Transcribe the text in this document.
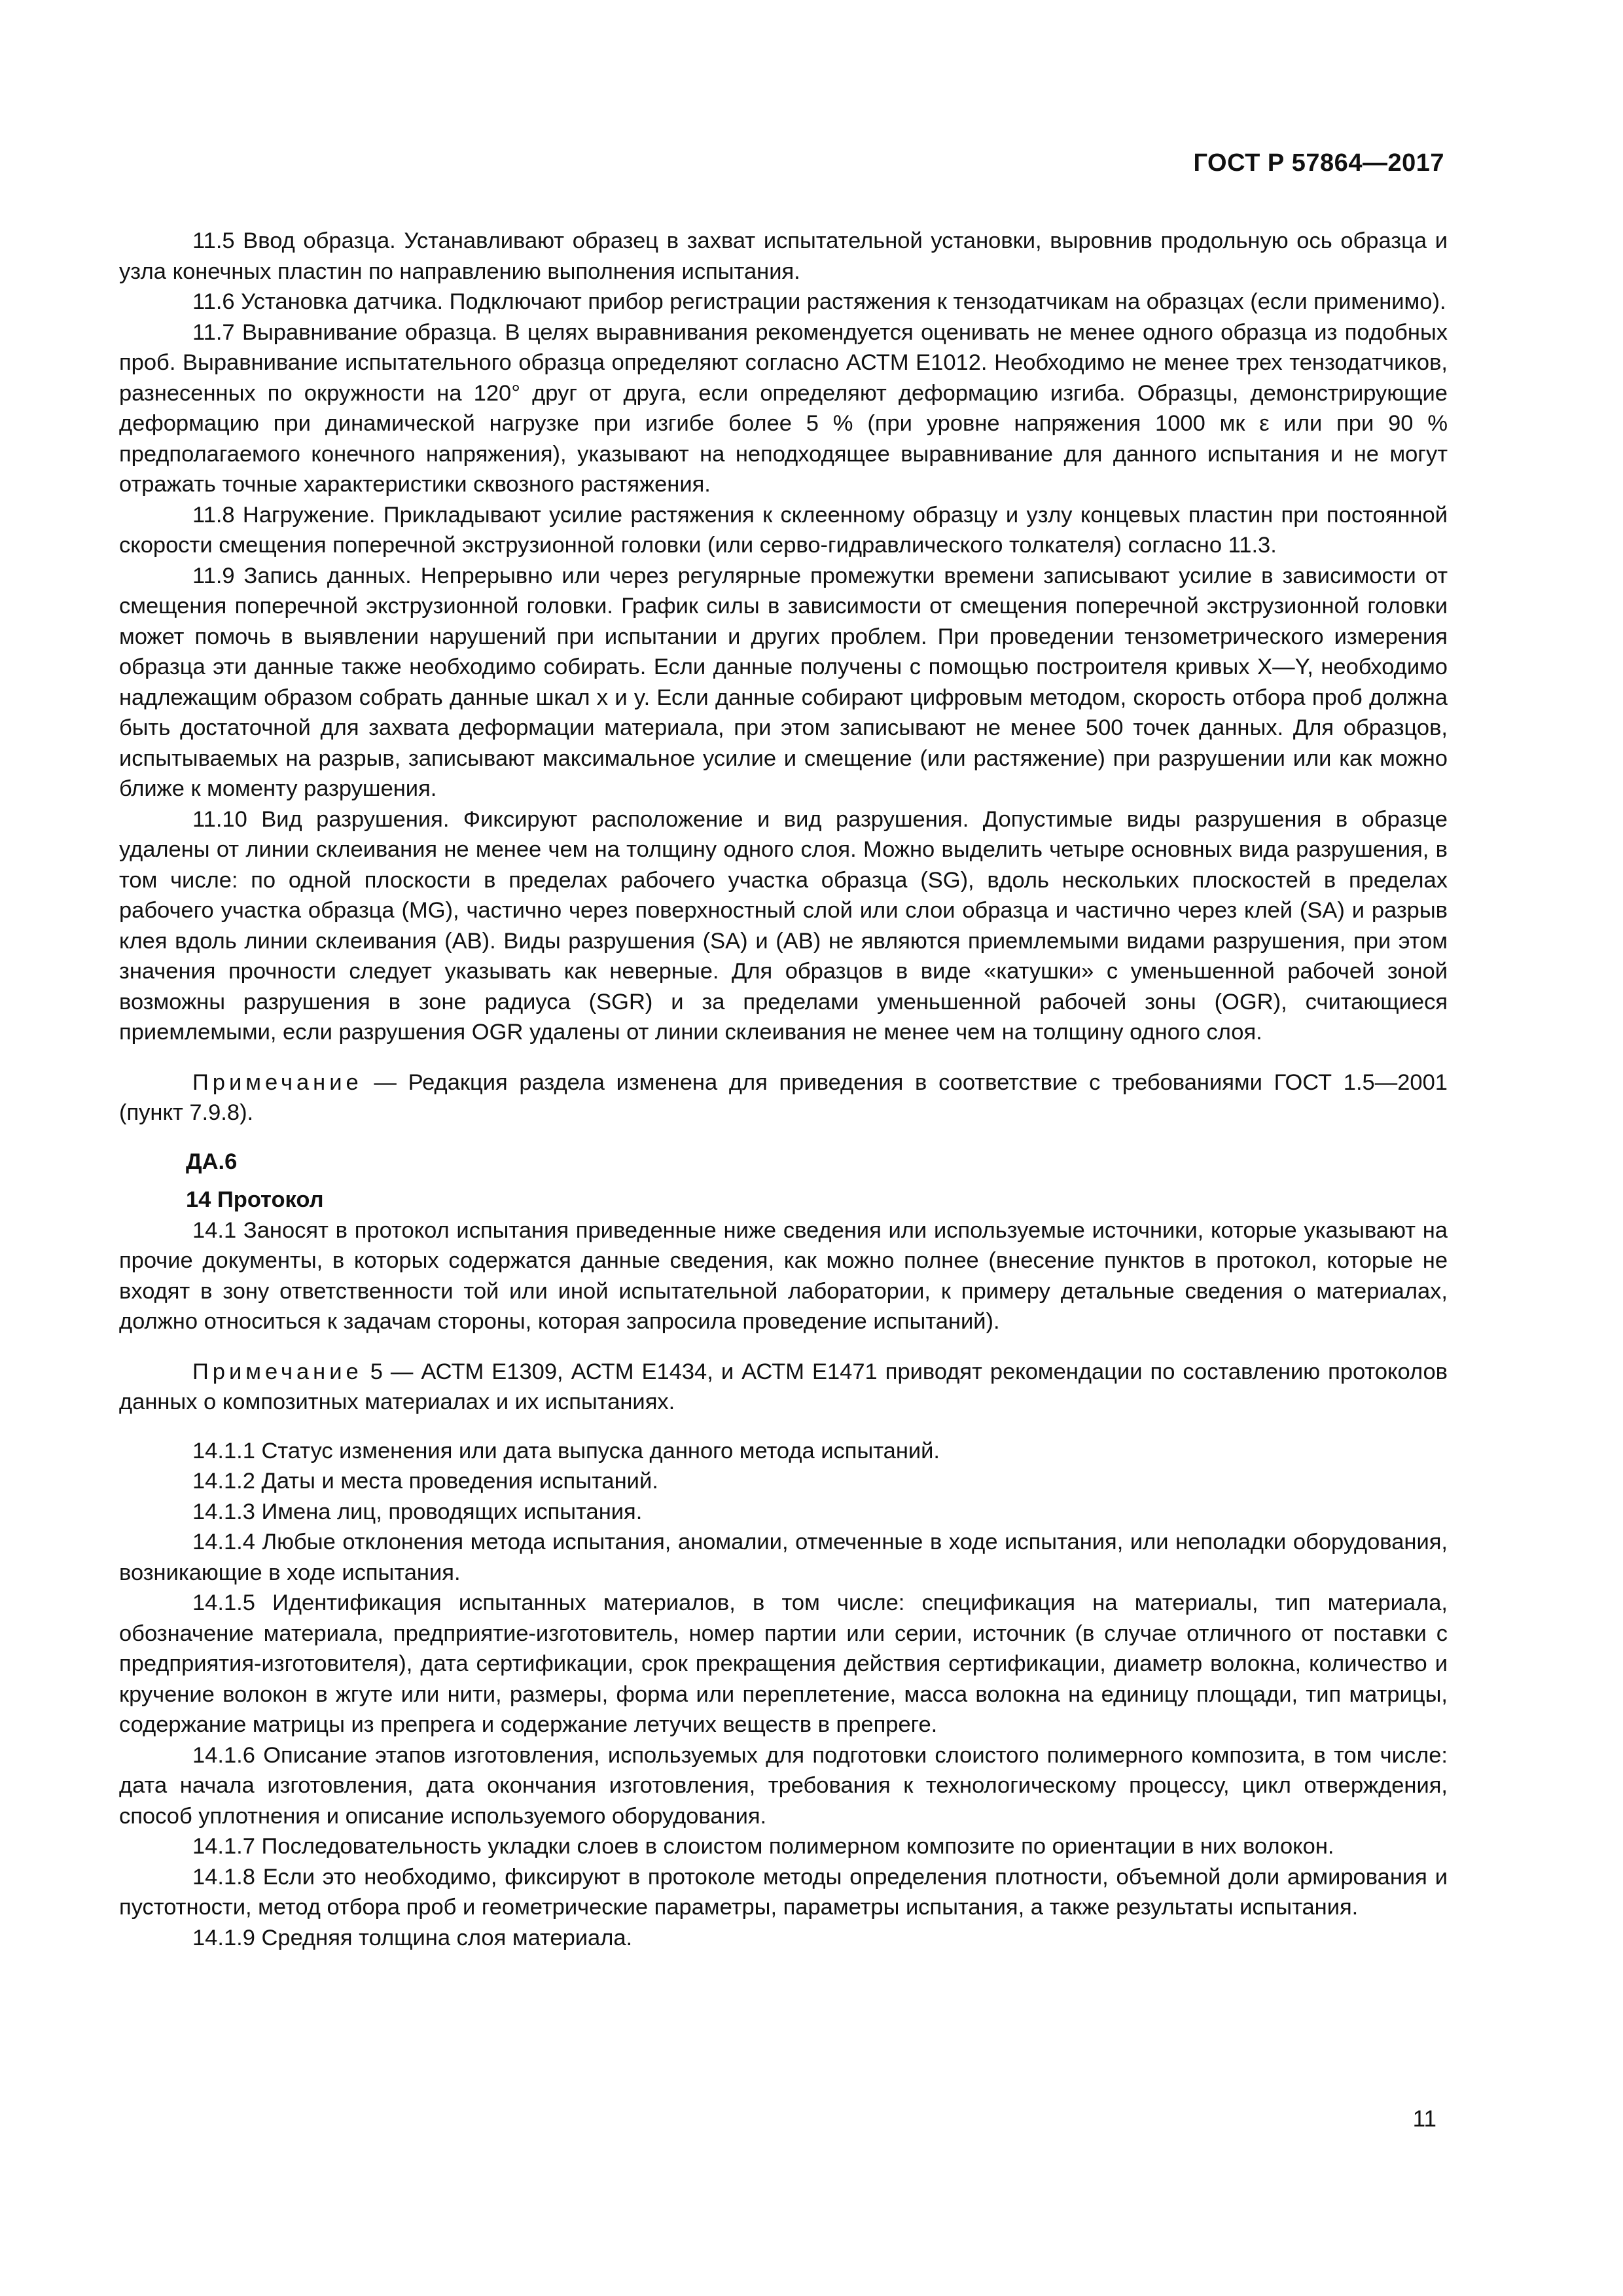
ГОСТ Р 57864—2017

11.5 Ввод образца. Устанавливают образец в захват испытательной установки, выровнив продольную ось образца и узла конечных пластин по направлению выполнения испытания.

11.6 Установка датчика. Подключают прибор регистрации растяжения к тензодатчикам на образцах (если применимо).

11.7 Выравнивание образца. В целях выравнивания рекомендуется оценивать не менее одного образца из подобных проб. Выравнивание испытательного образца определяют согласно АСТМ Е1012. Необходимо не менее трех тензодатчиков, разнесенных по окружности на 120° друг от друга, если определяют деформацию изгиба. Образцы, демонстрирующие деформацию при динамической нагрузке при изгибе более 5 % (при уровне напряжения 1000 мк ε или при 90 % предполагаемого конечного напряжения), указывают на неподходящее выравнивание для данного испытания и не могут отражать точные характеристики сквозного растяжения.

11.8 Нагружение. Прикладывают усилие растяжения к склеенному образцу и узлу концевых пластин при постоянной скорости смещения поперечной экструзионной головки (или серво-гидравлического толкателя) согласно 11.3.

11.9 Запись данных. Непрерывно или через регулярные промежутки времени записывают усилие в зависимости от смещения поперечной экструзионной головки. График силы в зависимости от смещения поперечной экструзионной головки может помочь в выявлении нарушений при испытании и других проблем. При проведении тензометрического измерения образца эти данные также необходимо собирать. Если данные получены с помощью построителя кривых X—Y, необходимо надлежащим образом собрать данные шкал x и y. Если данные собирают цифровым методом, скорость отбора проб должна быть достаточной для захвата деформации материала, при этом записывают не менее 500 точек данных. Для образцов, испытываемых на разрыв, записывают максимальное усилие и смещение (или растяжение) при разрушении или как можно ближе к моменту разрушения.

11.10 Вид разрушения. Фиксируют расположение и вид разрушения. Допустимые виды разрушения в образце удалены от линии склеивания не менее чем на толщину одного слоя. Можно выделить четыре основных вида разрушения, в том числе: по одной плоскости в пределах рабочего участка образца (SG), вдоль нескольких плоскостей в пределах рабочего участка образца (MG), частично через поверхностный слой или слои образца и частично через клей (SA) и разрыв клея вдоль линии склеивания (AB). Виды разрушения (SA) и (AB) не являются приемлемыми видами разрушения, при этом значения прочности следует указывать как неверные. Для образцов в виде «катушки» с уменьшенной рабочей зоной возможны разрушения в зоне радиуса (SGR) и за пределами уменьшенной рабочей зоны (OGR), считающиеся приемлемыми, если разрушения OGR удалены от линии склеивания не менее чем на толщину одного слоя.

Примечание — Редакция раздела изменена для приведения в соответствие с требованиями ГОСТ 1.5—2001 (пункт 7.9.8).

ДА.6

14 Протокол

14.1 Заносят в протокол испытания приведенные ниже сведения или используемые источники, которые указывают на прочие документы, в которых содержатся данные сведения, как можно полнее (внесение пунктов в протокол, которые не входят в зону ответственности той или иной испытательной лаборатории, к примеру детальные сведения о материалах, должно относиться к задачам стороны, которая запросила проведение испытаний).

Примечание 5 — АСТМ Е1309, АСТМ Е1434, и АСТМ Е1471 приводят рекомендации по составлению протоколов данных о композитных материалах и их испытаниях.

14.1.1 Статус изменения или дата выпуска данного метода испытаний.

14.1.2 Даты и места проведения испытаний.

14.1.3 Имена лиц, проводящих испытания.

14.1.4 Любые отклонения метода испытания, аномалии, отмеченные в ходе испытания, или неполадки оборудования, возникающие в ходе испытания.

14.1.5 Идентификация испытанных материалов, в том числе: спецификация на материалы, тип материала, обозначение материала, предприятие-изготовитель, номер партии или серии, источник (в случае отличного от поставки с предприятия-изготовителя), дата сертификации, срок прекращения действия сертификации, диаметр волокна, количество и кручение волокон в жгуте или нити, размеры, форма или переплетение, масса волокна на единицу площади, тип матрицы, содержание матрицы из препрега и содержание летучих веществ в препреге.

14.1.6 Описание этапов изготовления, используемых для подготовки слоистого полимерного композита, в том числе: дата начала изготовления, дата окончания изготовления, требования к технологическому процессу, цикл отверждения, способ уплотнения и описание используемого оборудования.

14.1.7 Последовательность укладки слоев в слоистом полимерном композите по ориентации в них волокон.

14.1.8 Если это необходимо, фиксируют в протоколе методы определения плотности, объемной доли армирования и пустотности, метод отбора проб и геометрические параметры, параметры испытания, а также результаты испытания.

14.1.9 Средняя толщина слоя материала.

11
